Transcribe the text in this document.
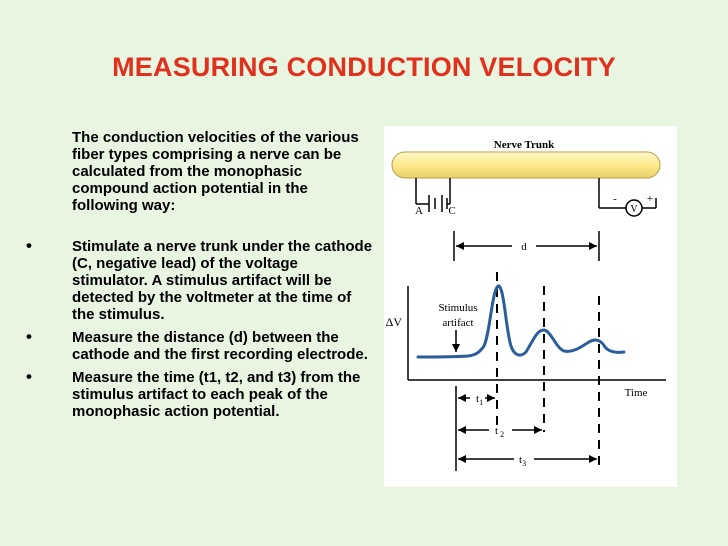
MEASURING CONDUCTION VELOCITY
The conduction velocities of the various fiber types comprising a nerve can be calculated from the monophasic compound action potential in the following way:
•	Stimulate a nerve trunk under the cathode (C, negative lead) of the voltage stimulator. A stimulus artifact will be detected by the voltmeter at the time of the stimulus.
•	Measure the distance (d) between the cathode and the first recording electrode.
•	Measure the time (t1, t2, and t3) from the stimulus artifact to each peak of the monophasic action potential.
Nerve Trunk
A C	V
-	+
d
ΔV
Time
Stimulus
artifact
$t_1$
t $_2$
$t_3$
